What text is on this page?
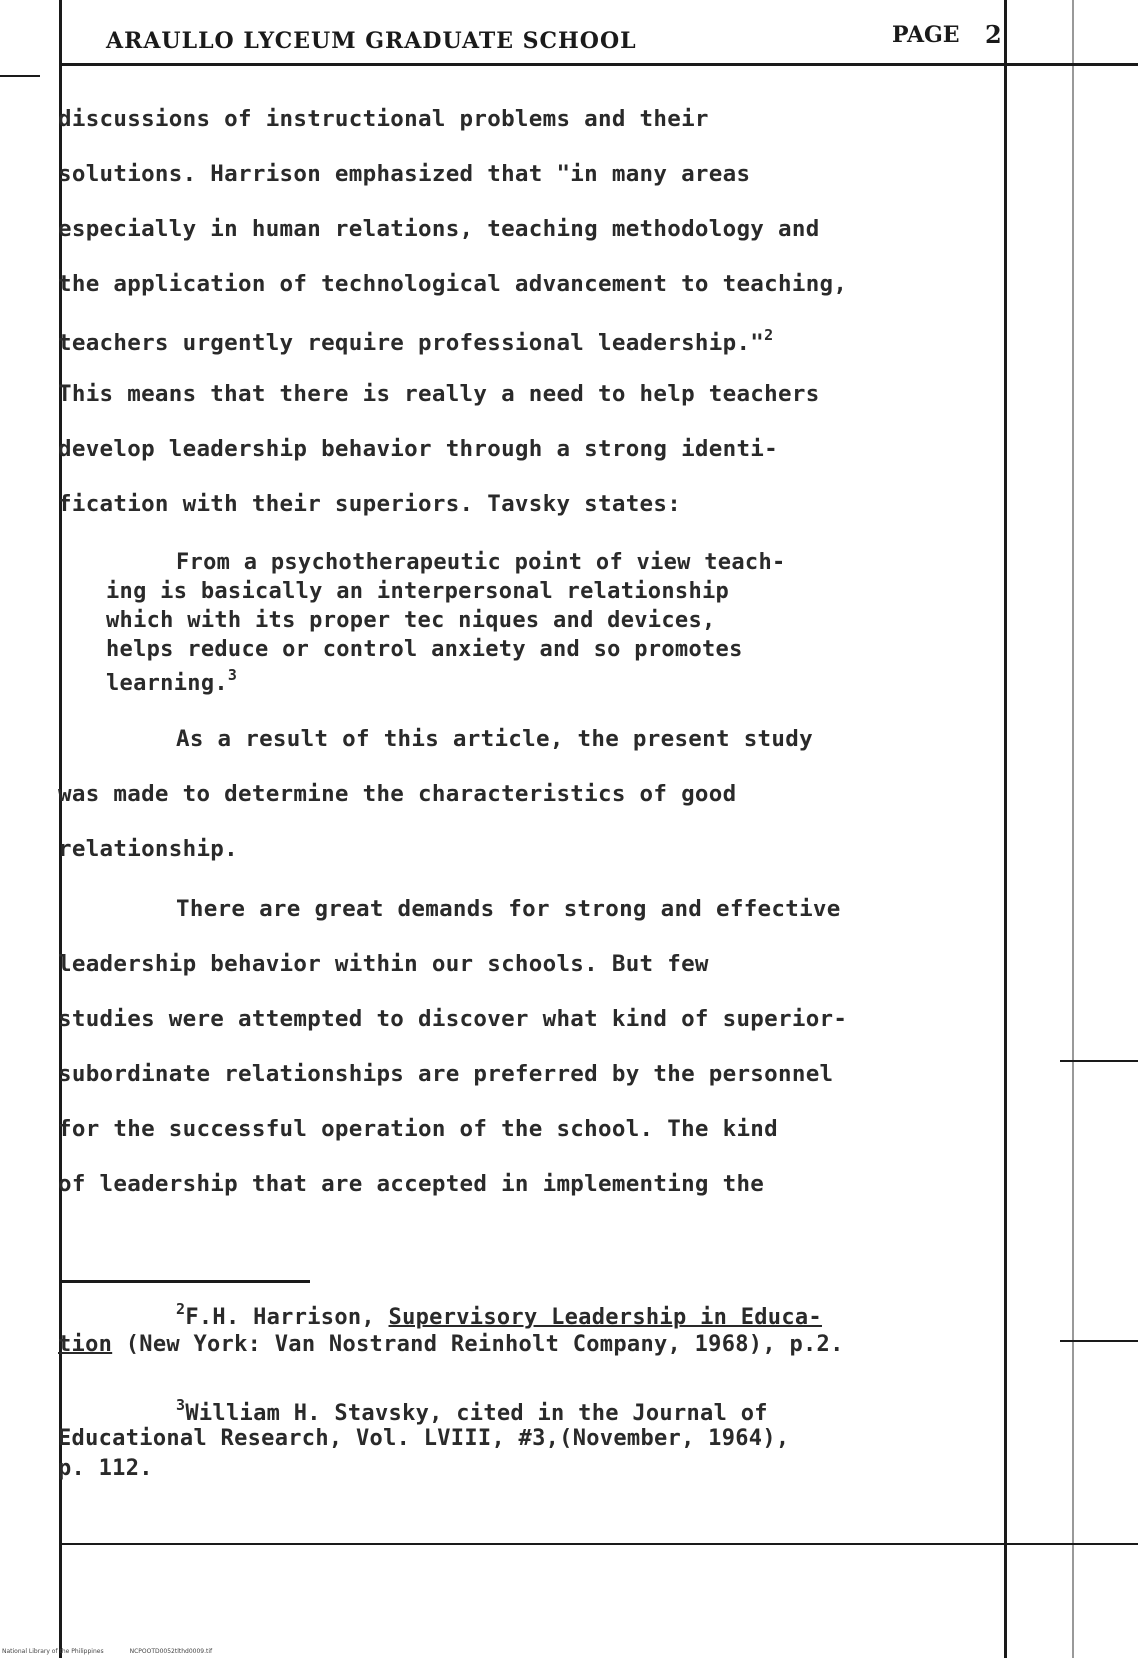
ARAULLO LYCEUM GRADUATE SCHOOL	PAGE 2
discussions of instructional problems and their
solutions. Harrison emphasized that "in many areas
especially in human relations, teaching methodology and
the application of technological advancement to teaching,
teachers urgently require professional leadership."$^2$
This means that there is really a need to help teachers
develop leadership behavior through a strong identi-
fication with their superiors. Tavsky states:
From a psychotherapeutic point of view teach-
ing is basically an interpersonal relationship
which with its proper tec niques and devices,
helps reduce or control anxiety and so promotes
learning.$^3$
As a result of this article, the present study
was made to determine the characteristics of good
relationship.
There are great demands for strong and effective
leadership behavior within our schools. But few
studies were attempted to discover what kind of superior-
subordinate relationships are preferred by the personnel
for the successful operation of the school. The kind
of leadership that are accepted in implementing the
$^2$F.H. Harrison, Supervisory Leadership in Educa-
tion (New York: Van Nostrand Reinholt Company, 1968), p.2.
$^3$William H. Stavsky, cited in the Journal of
Educational Research, Vol. LVIII, #3,(November, 1964),
p. 112.
National Library of the Philippines	NCPOOTD0052tlthd0009.tif
